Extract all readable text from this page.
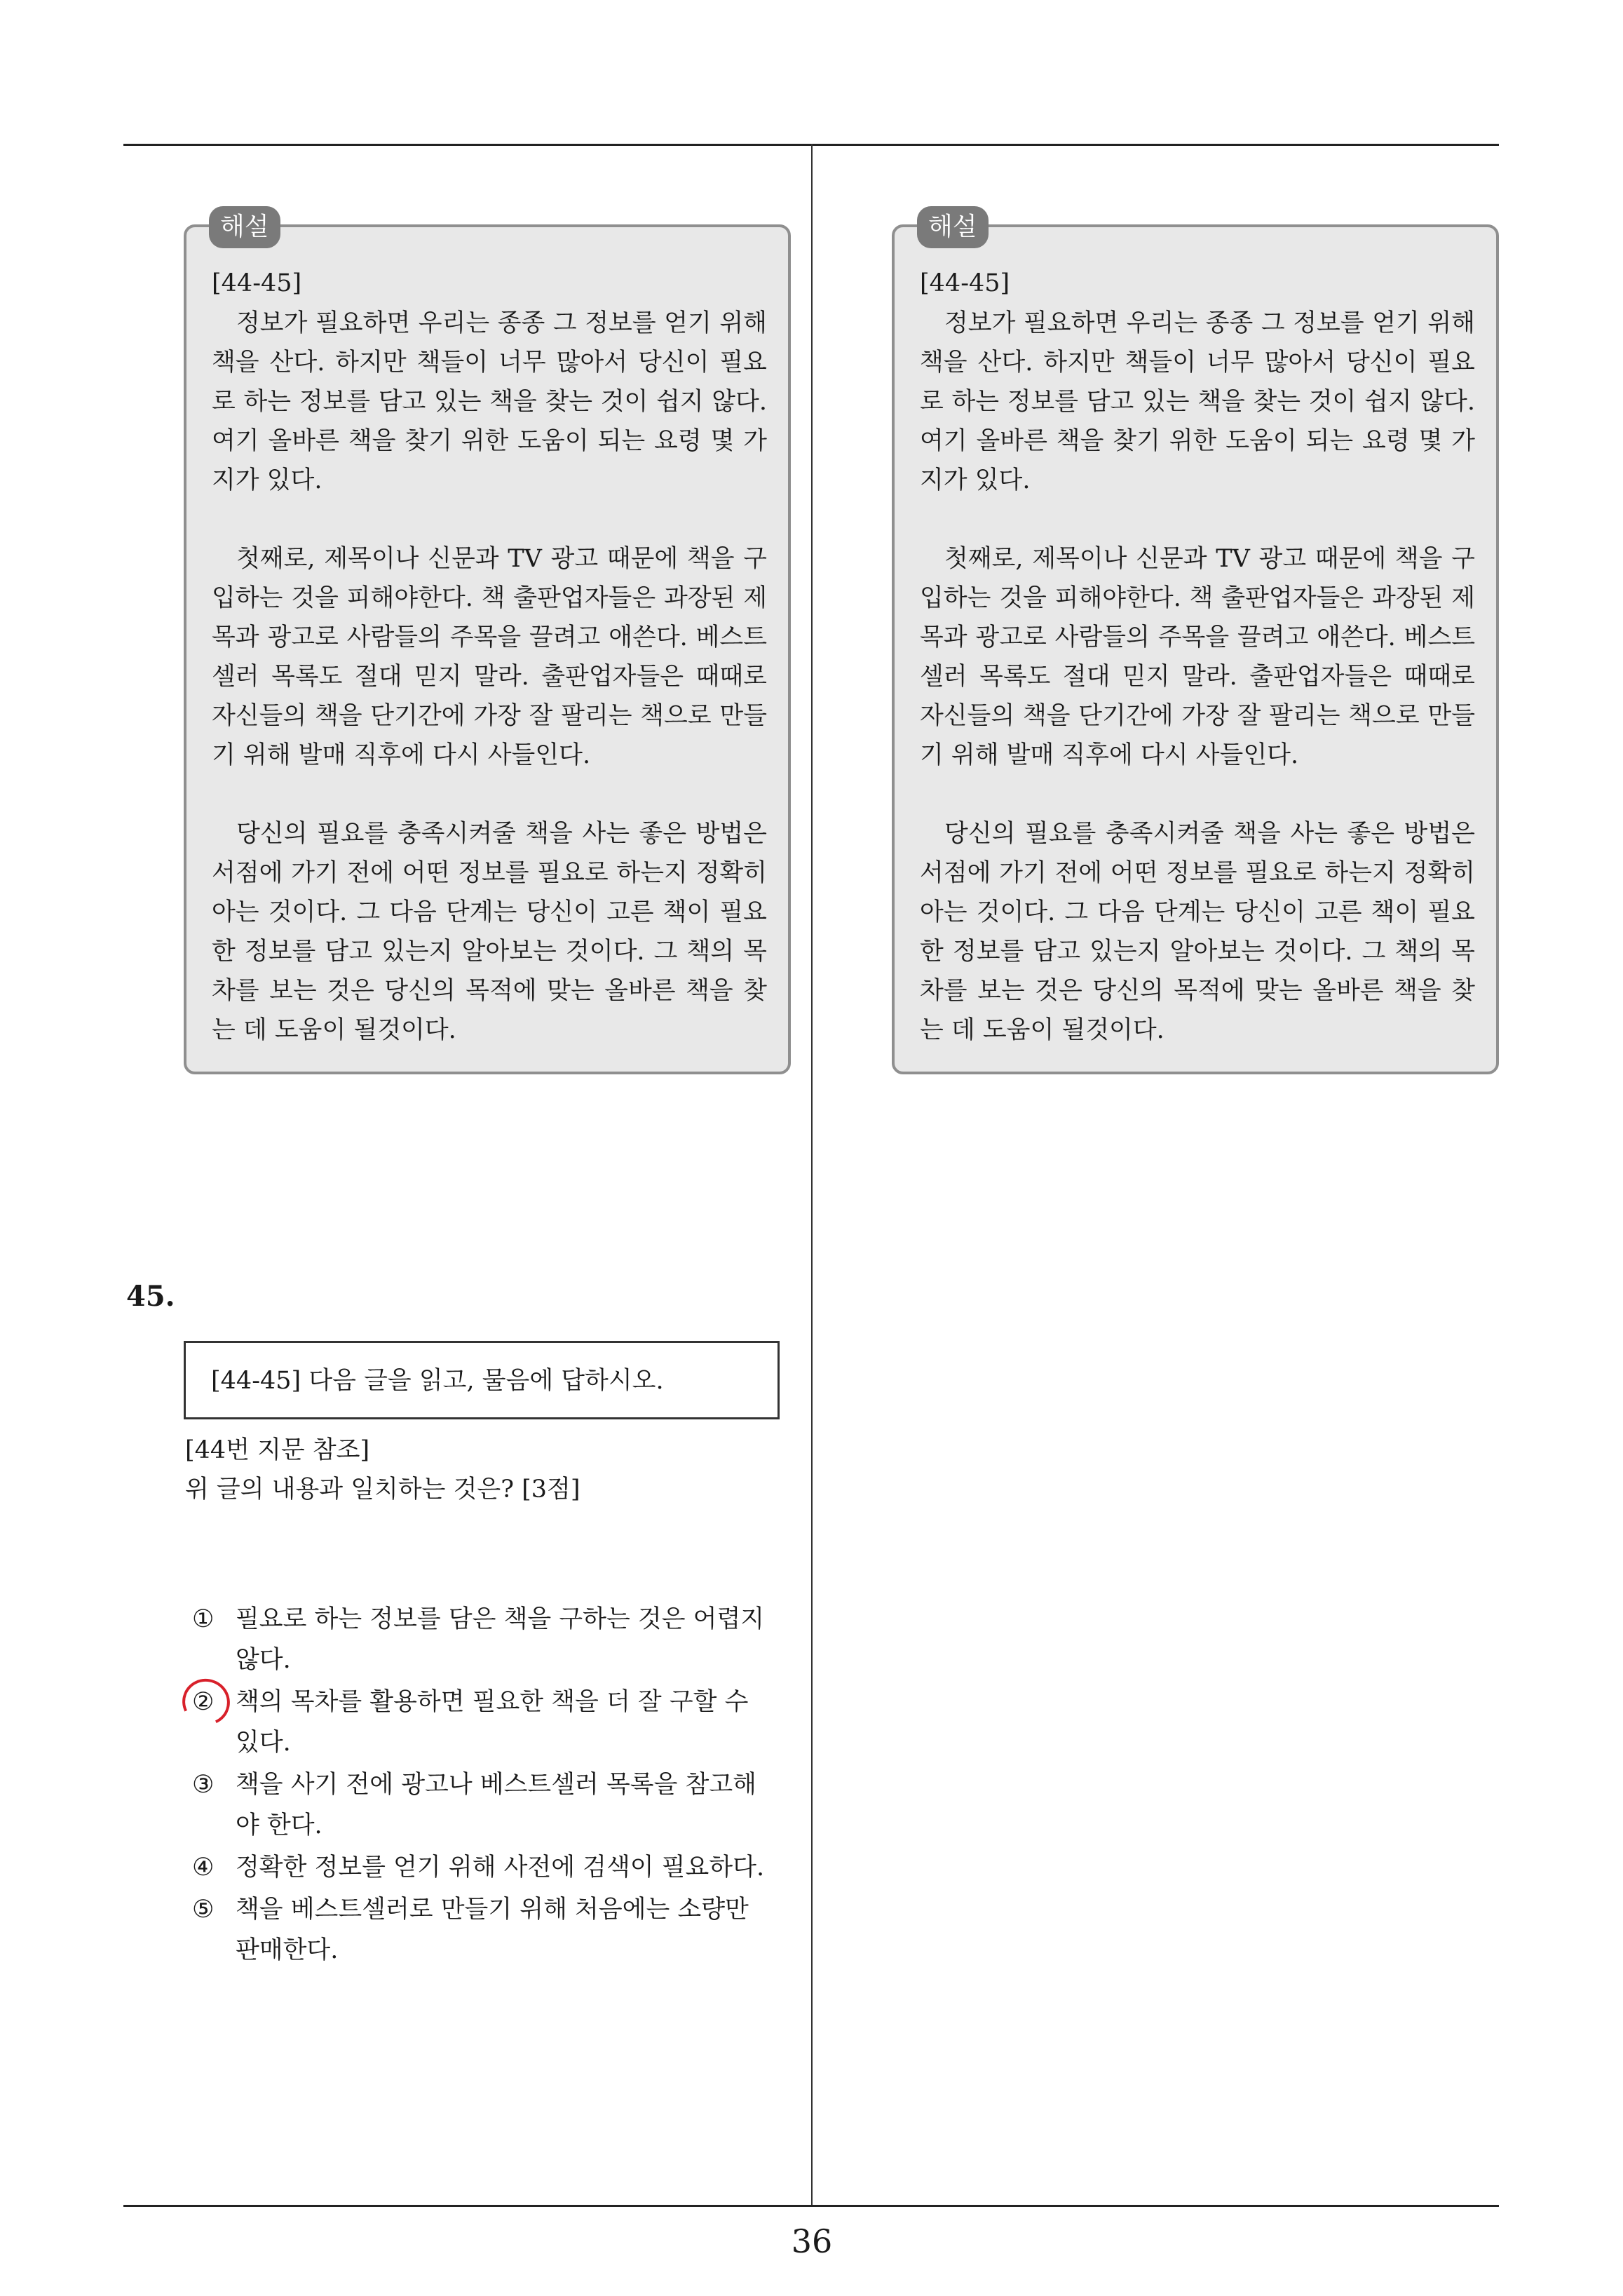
해설

[44-45]

정보가 필요하면 우리는 종종 그 정보를 얻기 위해 책을 산다. 하지만 책들이 너무 많아서 당신이 필요로 하는 정보를 담고 있는 책을 찾는 것이 쉽지 않다. 여기 올바른 책을 찾기 위한 도움이 되는 요령 몇 가지가 있다.

첫째로, 제목이나 신문과 TV 광고 때문에 책을 구입하는 것을 피해야한다. 책 출판업자들은 과장된 제목과 광고로 사람들의 주목을 끌려고 애쓴다. 베스트셀러 목록도 절대 믿지 말라. 출판업자들은 때때로 자신들의 책을 단기간에 가장 잘 팔리는 책으로 만들기 위해 발매 직후에 다시 사들인다.

당신의 필요를 충족시켜줄 책을 사는 좋은 방법은 서점에 가기 전에 어떤 정보를 필요로 하는지 정확히 아는 것이다. 그 다음 단계는 당신이 고른 책이 필요한 정보를 담고 있는지 알아보는 것이다. 그 책의 목차를 보는 것은 당신의 목적에 맞는 올바른 책을 찾는 데 도움이 될것이다.

해설

[44-45]

정보가 필요하면 우리는 종종 그 정보를 얻기 위해 책을 산다. 하지만 책들이 너무 많아서 당신이 필요로 하는 정보를 담고 있는 책을 찾는 것이 쉽지 않다. 여기 올바른 책을 찾기 위한 도움이 되는 요령 몇 가지가 있다.

첫째로, 제목이나 신문과 TV 광고 때문에 책을 구입하는 것을 피해야한다. 책 출판업자들은 과장된 제목과 광고로 사람들의 주목을 끌려고 애쓴다. 베스트셀러 목록도 절대 믿지 말라. 출판업자들은 때때로 자신들의 책을 단기간에 가장 잘 팔리는 책으로 만들기 위해 발매 직후에 다시 사들인다.

당신의 필요를 충족시켜줄 책을 사는 좋은 방법은 서점에 가기 전에 어떤 정보를 필요로 하는지 정확히 아는 것이다. 그 다음 단계는 당신이 고른 책이 필요한 정보를 담고 있는지 알아보는 것이다. 그 책의 목차를 보는 것은 당신의 목적에 맞는 올바른 책을 찾는 데 도움이 될것이다.

45.
[44-45] 다음 글을 읽고, 물음에 답하시오.
[44번 지문 참조]
위 글의 내용과 일치하는 것은? [3점]
① 필요로 하는 정보를 담은 책을 구하는 것은 어렵지 않다.
② 책의 목차를 활용하면 필요한 책을 더 잘 구할 수 있다.
③ 책을 사기 전에 광고나 베스트셀러 목록을 참고해야 한다.
④ 정확한 정보를 얻기 위해 사전에 검색이 필요하다.
⑤ 책을 베스트셀러로 만들기 위해 처음에는 소량만 판매한다.
36
